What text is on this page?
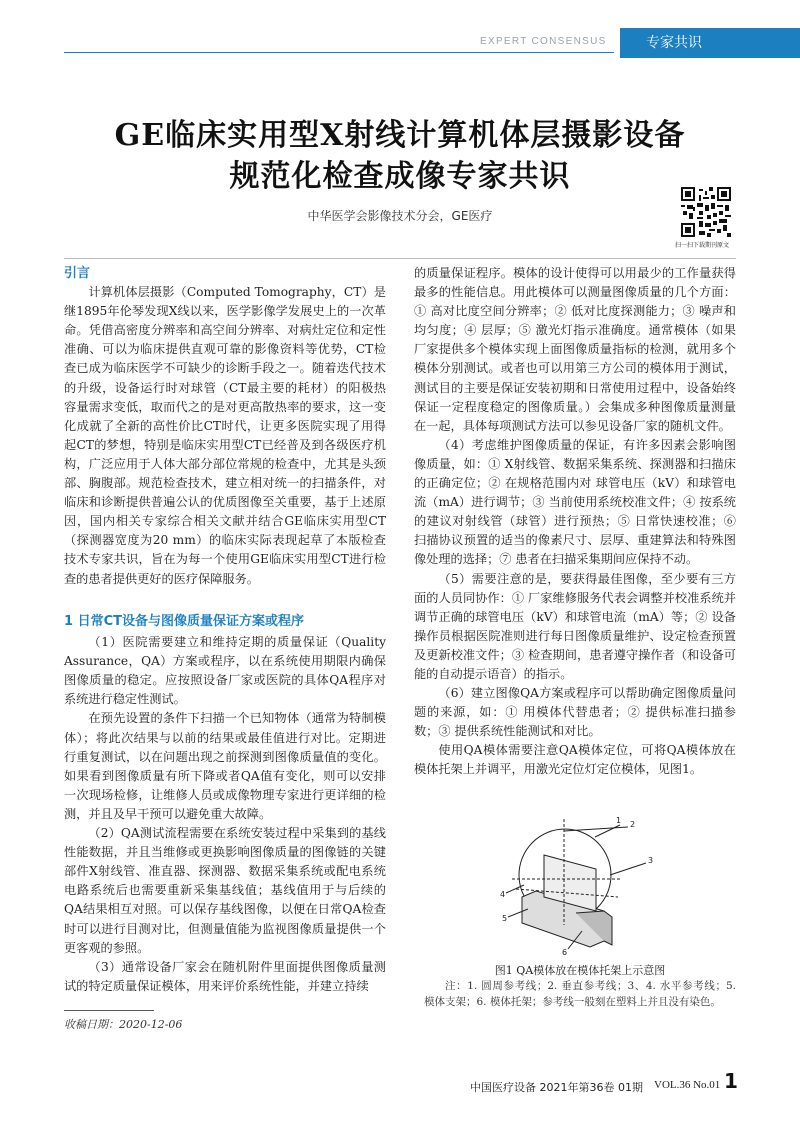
EXPERT CONSENSUS	专家共识
GE临床实用型X射线计算机体层摄影设备
规范化检查成像专家共识
中华医学会影像技术分会，GE医疗
扫一扫下载期刊原文
引言

计算机体层摄影（Computed Tomography，CT）是继1895年伦琴发现X线以来，医学影像学发展史上的一次革命。凭借高密度分辨率和高空间分辨率、对病灶定位和定性准确、可以为临床提供直观可靠的影像资料等优势，CT检查已成为临床医学不可缺少的诊断手段之一。随着迭代技术的升级，设备运行时对球管（CT最主要的耗材）的阳极热容量需求变低，取而代之的是对更高散热率的要求，这一变化成就了全新的高性价比CT时代，让更多医院实现了用得起CT的梦想，特别是临床实用型CT已经普及到各级医疗机构，广泛应用于人体大部分部位常规的检查中，尤其是头颈部、胸腹部。规范检查技术，建立相对统一的扫描条件，对临床和诊断提供普遍公认的优质图像至关重要，基于上述原因，国内相关专家综合相关文献并结合GE临床实用型CT（探测器宽度为20 mm）的临床实际表现起草了本版检查技术专家共识，旨在为每一个使用GE临床实用型CT进行检查的患者提供更好的医疗保障服务。

1 日常CT设备与图像质量保证方案或程序

（1）医院需要建立和维持定期的质量保证（Quality Assurance，QA）方案或程序，以在系统使用期限内确保图像质量的稳定。应按照设备厂家或医院的具体QA程序对系统进行稳定性测试。

在预先设置的条件下扫描一个已知物体（通常为特制模体）；将此次结果与以前的结果或最佳值进行对比。定期进行重复测试，以在问题出现之前探测到图像质量值的变化。如果看到图像质量有所下降或者QA值有变化，则可以安排一次现场检修，让维修人员或成像物理专家进行更详细的检测，并且及早干预可以避免重大故障。

（2）QA测试流程需要在系统安装过程中采集到的基线性能数据，并且当维修或更换影响图像质量的图像链的关键部件X射线管、准直器、探测器、数据采集系统或配电系统电路系统后也需要重新采集基线值；基线值用于与后续的QA结果相互对照。可以保存基线图像，以便在日常QA检查时可以进行目测对比，但测量值能为监视图像质量提供一个更客观的参照。

（3）通常设备厂家会在随机附件里面提供图像质量测试的特定质量保证模体，用来评价系统性能，并建立持续

收稿日期：2020-12-06

的质量保证程序。模体的设计使得可以用最少的工作量获得最多的性能信息。用此模体可以测量图像质量的几个方面：① 高对比度空间分辨率；② 低对比度探测能力；③ 噪声和均匀度；④ 层厚；⑤ 激光灯指示准确度。通常模体（如果厂家提供多个模体实现上面图像质量指标的检测，就用多个模体分别测试。或者也可以用第三方公司的模体用于测试，测试目的主要是保证安装初期和日常使用过程中，设备始终保证一定程度稳定的图像质量。）会集成多种图像质量测量在一起，具体每项测试方法可以参见设备厂家的随机文件。

（4）考虑维护图像质量的保证，有许多因素会影响图像质量，如：① X射线管、数据采集系统、探测器和扫描床的正确定位；② 在规格范围内对 球管电压（kV）和球管电流（mA）进行调节；③ 当前使用系统校准文件；④ 按系统的建议对射线管（球管）进行预热；⑤ 日常快速校准；⑥ 扫描协议预置的适当的像素尺寸、层厚、重建算法和特殊图像处理的选择；⑦ 患者在扫描采集期间应保持不动。

（5）需要注意的是，要获得最佳图像，至少要有三方面的人员同协作：① 厂家维修服务代表会调整并校准系统并调节正确的球管电压（kV）和球管电流（mA）等；② 设备操作员根据医院准则进行每日图像质量维护、设定检查预置及更新校准文件；③ 检查期间，患者遵守操作者（和设备可能的自动提示语音）的指示。

（6）建立图像QA方案或程序可以帮助确定图像质量问题的来源，如：① 用模体代替患者；② 提供标准扫描参数；③ 提供系统性能测试和对比。

使用QA模体需要注意QA模体定位，可将QA模体放在模体托架上并调平，用激光定位灯定位模体，见图1。

1 2
3
4
5
6
图1 QA模体放在模体托架上示意图
注：1. 圆周参考线；2. 垂直参考线；3、4. 水平参考线；5. 模体支架；6. 模体托架；参考线一般刻在塑料上并且没有染色。
中国医疗设备 2021年第36卷 01期 VOL.36 No.01 1
